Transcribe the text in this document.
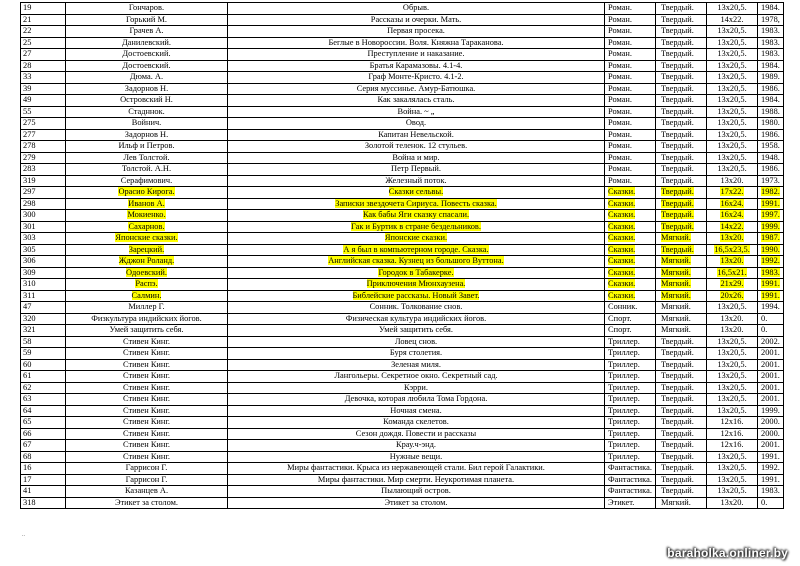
19	Гончаров.	Обрыв.	Роман.	Твердый.	13х20,5.	1984.
21	Горький М.	Рассказы и очерки. Мать.	Роман.	Твердый.	14х22.	1978,
22	Грачев А.	Первая просека.	Роман.	Твердый.	13х20,5.	1983.
25	Данилевский.	Беглые в Новороссии. Воля. Княжна Тараканова.	Роман.	Твердый.	13х20,5.	1983.
27	Достоевский.	Преступление и наказание.	Роман.	Твердый.	13х20,5.	1983.
28	Достоевский.	Братья Карамазовы. 4.1-4.	Роман.	Твердый.	13х20,5.	1984.
33	Дюма. А.	Граф Монте-Кристо. 4.1-2.	Роман.	Твердый.	13х20,5.	1989.
39	Задорнов Н.	Серия муссинье. Амур-Батюшка.	Роман.	Твердый.	13х20,5.	1986.
49	Островский Н.	Как закалялась сталь.	Роман.	Твердый.	13х20,5.	1984.
55	Стадннок.	Война. ~ „	Роман.	Твердый.	13х20,5.	1988.
275	Войнич.	Овод.	Роман.	Твердый.	13х20,5.	1980.
277	Задорнов Н.	Капитан Невельской.	Роман.	Твердый.	13х20,5.	1986.
278	Ильф и Петров.	Золотой теленок. 12 стульев.	Роман.	Твердый.	13х20,5.	1958.
279	Лев Толстой.	Война и мир.	Роман.	Твердый.	13х20,5.	1948.
283	Толстой. А.Н.	Петр Первый.	Роман.	Твердый.	13х20,5.	1986.
319	Серафимович.	Железный поток.	Роман.	Твердый.	13х20.	1973.
297	Орасио Кирога.	Сказки сельвы.	Сказки.	Твердый.	17х22.	1982.
298	Иванов А.	Записки звездочета Сириуса. Повесть сказка.	Сказки.	Твердый.	16х24.	1991.
300	Мокиенко.	Как бабы Яги сказку спасали.	Сказки.	Твердый.	16х24.	1997.
301	Сахарнов.	Гак и Буртик в стране бездельников.	Сказки.	Твердый.	14х22.	1999.
303	Японские сказки.	Японские сказки.	Сказки.	Мягкий.	13х20.	1987.
305	Зарецкий.	А я был в компьютерном городе. Сказка.	Сказки.	Твердый.	16,5х23,5.	1990.
306	Жджон Роланд.	Английская сказка. Кузнец из большого Вуттона.	Сказки.	Мягкий.	13х20.	1992.
309	Одоевский.	Городок в Табакерке.	Сказки.	Мягкий.	16,5х21.	1983.
310	Распэ.	Приключения Мюнхаузена.	Сказки.	Мягкий.	21х29.	1991.
311	Салмин.	Библейские рассказы. Новый Завет.	Сказки.	Мягкий.	20х26.	1991.
47	Миллер Г.	Сонник. Толкование снов.	Сонник.	Мягкий.	13х20,5.	1994.
320	Физкультура индийских йогов.	Физическая культура индийских йогов.	Спорт.	Мягкий.	13х20.	0.
321	Умей защитить себя.	Умей защитить себя.	Спорт.	Мягкий.	13х20.	0.
58	Стивен Кинг.	Ловец снов.	Триллер.	Твердый.	13х20,5.	2002.
59	Стивен Кинг.	Буря столетия.	Триллер.	Твердый.	13х20,5.	2001.
60	Стивен Кинг.	Зеленая миля.	Триллер.	Твердый.	13х20,5.	2001.
61	Стивен Кинг.	Лангольеры. Секретное окно. Секретный сад.	Триллер.	Твердый.	13х20,5.	2001.
62	Стивен Кинг.	Кэрри.	Триллер.	Твердый.	13х20,5.	2001.
63	Стивен Кинг.	Девочка, которая любила Тома Гордона.	Триллер.	Твердый.	13х20,5.	2001.
64	Стивен Кинг.	Ночная смена.	Триллер.	Твердый.	13х20,5.	1999.
65	Стивен Кинг.	Команда скелетов.	Триллер.	Твердый.	12х16.	2000.
66	Стивен Кинг.	Сезон дождя. Повести и рассказы	Триллер.	Твердый.	12х16.	2000.
67	Стивен Кинг.	Крау.ч-энд.	Триллер.	Твердый.	12х16.	2001.
68	Стивен Кинг.	Нужные вещи.	Триллер.	Твердый.	13х20,5.	1991.
16	Гаррисон Г.	Миры фантастики. Крыса из нержавеющей стали. Бил герой Галактики.	Фантастика.	Твердый.	13х20,5.	1992.
17	Гаррисон Г.	Миры фантастики. Мир смерти. Неукротимая планета.	Фантастика.	Твердый.	13х20,5.	1991.
41	Казанцев А.	Пылающий остров.	Фантастика.	Твердый.	13х20,5.	1983.
318	Этикет за столом.	Этикет за столом.	Этикет.	Мягкий.	13х20.	0.
..
baraholka.onliner.by
